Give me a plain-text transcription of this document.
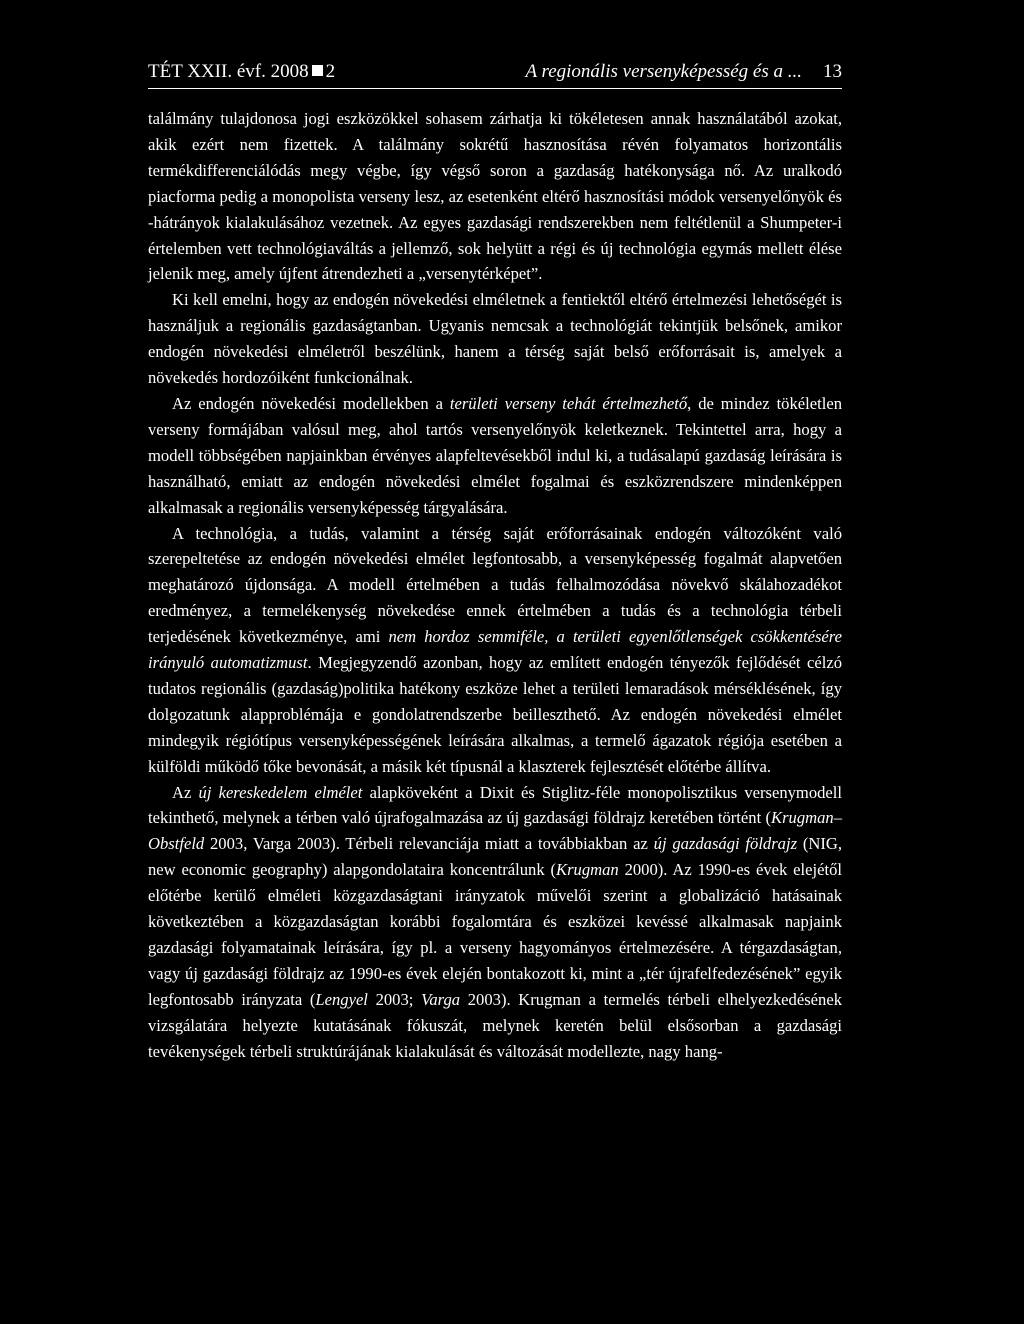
TÉT XXII. évf. 2008 2	A regionális versenyképesség és a ... 13

találmány tulajdonosa jogi eszközökkel sohasem zárhatja ki tökéletesen annak használatából azokat, akik ezért nem fizettek. A találmány sokrétű hasznosítása révén folyamatos horizontális termékdifferenciálódás megy végbe, így végső soron a gazdaság hatékonysága nő. Az uralkodó piacforma pedig a monopolista verseny lesz, az esetenként eltérő hasznosítási módok versenyelőnyök és -hátrányok kialakulásához vezetnek. Az egyes gazdasági rendszerekben nem feltétlenül a Shumpeter-i értelemben vett technológiaváltás a jellemző, sok helyütt a régi és új technológia egymás mellett élése jelenik meg, amely újfent átrendezheti a „versenytérképet”.

Ki kell emelni, hogy az endogén növekedési elméletnek a fentiektől eltérő értelmezési lehetőségét is használjuk a regionális gazdaságtanban. Ugyanis nemcsak a technológiát tekintjük belsőnek, amikor endogén növekedési elméletről beszélünk, hanem a térség saját belső erőforrásait is, amelyek a növekedés hordozóiként funkcionálnak.

Az endogén növekedési modellekben a területi verseny tehát értelmezhető, de mindez tökéletlen verseny formájában valósul meg, ahol tartós versenyelőnyök keletkeznek. Tekintettel arra, hogy a modell többségében napjainkban érvényes alapfeltevésekből indul ki, a tudásalapú gazdaság leírására is használható, emiatt az endogén növekedési elmélet fogalmai és eszközrendszere mindenképpen alkalmasak a regionális versenyképesség tárgyalására.

A technológia, a tudás, valamint a térség saját erőforrásainak endogén változóként való szerepeltetése az endogén növekedési elmélet legfontosabb, a versenyképesség fogalmát alapvetően meghatározó újdonsága. A modell értelmében a tudás felhalmozódása növekvő skálahozadékot eredményez, a termelékenység növekedése ennek értelmében a tudás és a technológia térbeli terjedésének következménye, ami nem hordoz semmiféle, a területi egyenlőtlenségek csökkentésére irányuló automatizmust. Megjegyzendő azonban, hogy az említett endogén tényezők fejlődését célzó tudatos regionális (gazdaság)politika hatékony eszköze lehet a területi lemaradások mérséklésének, így dolgozatunk alapproblémája e gondolatrendszerbe beilleszthető. Az endogén növekedési elmélet mindegyik régiótípus versenyképességének leírására alkalmas, a termelő ágazatok régiója esetében a külföldi működő tőke bevonását, a másik két típusnál a klaszterek fejlesztését előtérbe állítva.

Az új kereskedelem elmélet alapköveként a Dixit és Stiglitz-féle monopolisztikus versenymodell tekinthető, melynek a térben való újrafogalmazása az új gazdasági földrajz keretében történt (Krugman–Obstfeld 2003, Varga 2003). Térbeli relevanciája miatt a továbbiakban az új gazdasági földrajz (NIG, new economic geography) alapgondolataira koncentrálunk (Krugman 2000). Az 1990-es évek elejétől előtérbe kerülő elméleti közgazdaságtani irányzatok művelői szerint a globalizáció hatásainak következtében a közgazdaságtan korábbi fogalomtára és eszközei kevéssé alkalmasak napjaink gazdasági folyamatainak leírására, így pl. a verseny hagyományos értelmezésére. A térgazdaságtan, vagy új gazdasági földrajz az 1990-es évek elején bontakozott ki, mint a „tér újrafelfedezésének” egyik legfontosabb irányzata (Lengyel 2003; Varga 2003). Krugman a termelés térbeli elhelyezkedésének vizsgálatára helyezte kutatásának fókuszát, melynek keretén belül elsősorban a gazdasági tevékenységek térbeli struktúrájának kialakulását és változását modellezte, nagy hang-
